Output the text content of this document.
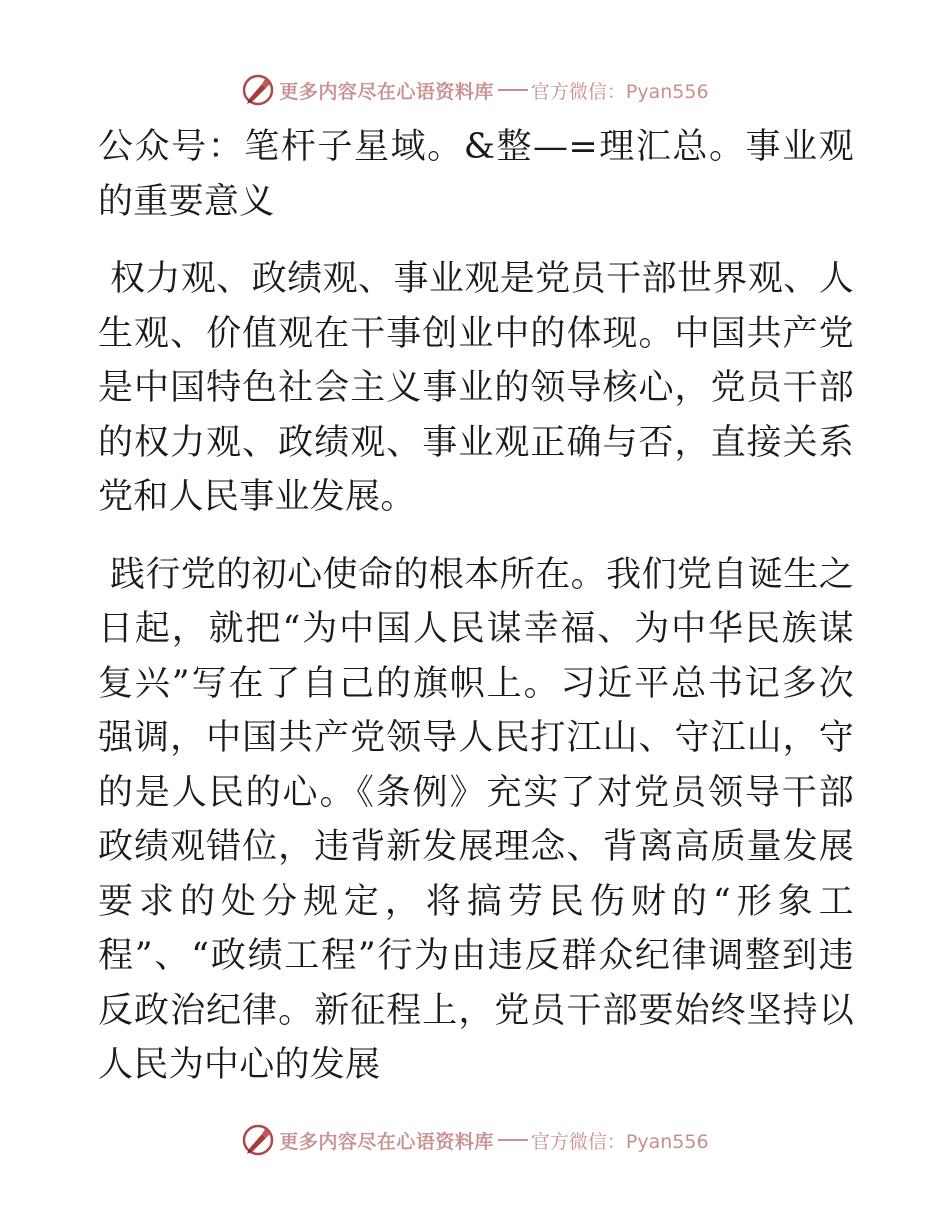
更多内容尽在心语资料库 官方微信：Pyan556

公众号：笔杆子星域。&整—=理汇总。事业观的重要意义

权力观、政绩观、事业观是党员干部世界观、人生观、价值观在干事创业中的体现。中国共产党是中国特色社会主义事业的领导核心，党员干部的权力观、政绩观、事业观正确与否，直接关系党和人民事业发展。

践行党的初心使命的根本所在。我们党自诞生之日起，就把“为中国人民谋幸福、为中华民族谋复兴”写在了自己的旗帜上。习近平总书记多次强调，中国共产党领导人民打江山、守江山，守的是人民的心。《条例》充实了对党员领导干部政绩观错位，违背新发展理念、背离高质量发展要求的处分规定，将搞劳民伤财的“形象工程”、“政绩工程”行为由违反群众纪律调整到违反政治纪律。新征程上，党员干部要始终坚持以人民为中心的发展

更多内容尽在心语资料库 官方微信：Pyan556
